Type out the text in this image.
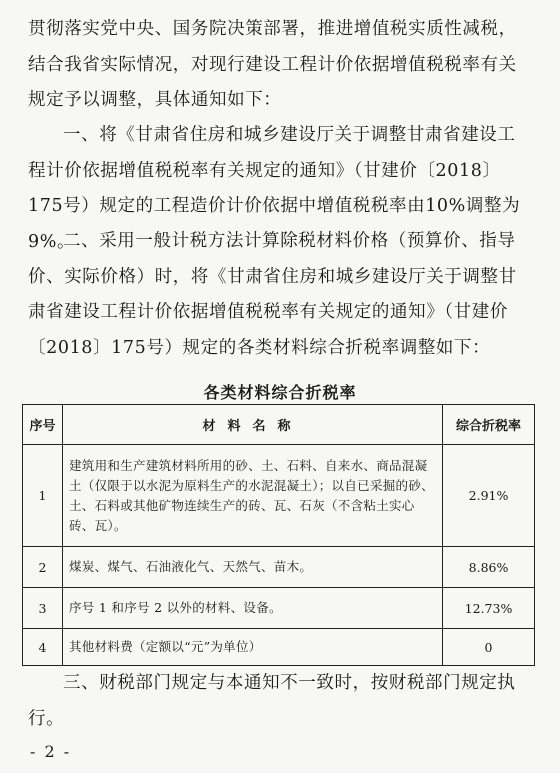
贯彻落实党中央、国务院决策部署，推进增值税实质性减税，结合我省实际情况，对现行建设工程计价依据增值税税率有关规定予以调整，具体通知如下：

一、将《甘肃省住房和城乡建设厅关于调整甘肃省建设工程计价依据增值税税率有关规定的通知》（甘建价〔2018〕175号）规定的工程造价计价依据中增值税税率由10%调整为9%。

二、采用一般计税方法计算除税材料价格（预算价、指导价、实际价格）时，将《甘肃省住房和城乡建设厅关于调整甘肃省建设工程计价依据增值税税率有关规定的通知》（甘建价〔2018〕175号）规定的各类材料综合折税率调整如下：

各类材料综合折税率
序号	材料名称	综合折税率
1	建筑用和生产建筑材料所用的砂、土、石料、自来水、商品混凝土（仅限于以水泥为原料生产的水泥混凝土）；以自已采掘的砂、土、石料或其他矿物连续生产的砖、瓦、石灰（不含粘土实心砖、瓦）。	2.91%
2	煤炭、煤气、石油液化气、天然气、苗木。	8.86%
3	序号 1 和序号 2 以外的材料、设备。	12.73%
4	其他材料费（定额以“元”为单位）	0

三、财税部门规定与本通知不一致时，按财税部门规定执行。

- 2 -
